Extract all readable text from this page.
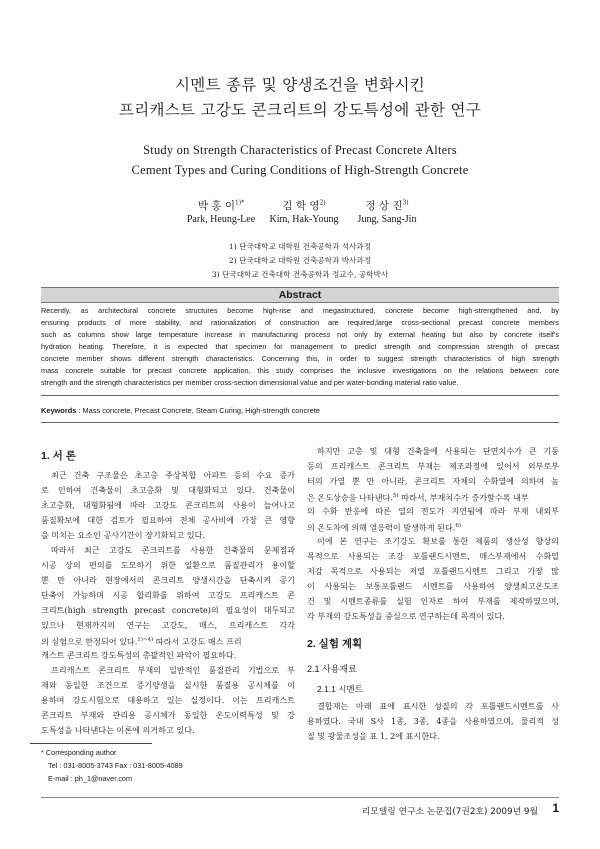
시멘트 종류 및 양생조건을 변화시킨
프리캐스트 고강도 콘크리트의 강도특성에 관한 연구
Study on Strength Characteristics of Precast Concrete Alters
Cement Types and Curing Conditions of High-Strength Concrete
박 홍 이$^{1)*}$	김 학 영$^{2)}$	정 상 진$^{3)}$
Park, Heung-Lee	Kim, Hak-Young	Jung, Sang-Jin
1) 단국대학교 대학원 건축공학과 석사과정
2) 단국대학교 대학원 건축공학과 박사과정
3) 단국대학교 건축대학 건축공학과 정교수, 공학박사
Abstract
Recently, as architectural concrete structures become high-rise and megastructured, concrete become high-strengthened and, by
ensuring products of more stability, and rationalization of construction are required,large cross-sectional precast concrete members
such as columns show large temperature increase in manufacturing process not only by external heating but also by concrete itself's
hydration heating. Therefore, it is expected that specimen for management to predict strength and compression strength of precast
concrete member shows different strength characteristics. Concerning this, in order to suggest strength characteristics of high strength
mass concrete suitable for precast concrete application, this study comprises the inclusive investigations on the relations between core
strength and the strength characteristics per member cross-section dimensional value and per water-bonding material ratio value.
Keywords : Mass concrete, Precast Concrete, Steam Curing, High-strength concrete
1. 서 론
최근 건축 구조물은 초고층 주상복합 아파트 등의 수요 증가
로 인하여 건축물이 초고층화 및 대형화되고 있다. 건축물이
초고층화, 대형화됨에 따라 고강도 콘크리트의 사용이 늘어나고
품질확보에 대한 검토가 필요하여 전체 공사비에 가장 큰 영향
을 미치는 요소인 공사기간이 장기화되고 있다.
따라서 최근 고강도 콘크리트를 사용한 건축물의 문제점과
시공 상의 편의를 도모하기 위한 일환으로 품질관리가 용이할
뿐 만 아니라 현장에서의 콘크리트 양생시간을 단축시켜 공기
단축이 가능하며 시공 합리화를 위하여 고강도 프리캐스트 콘
크리트(high strength precast concrete)의 필요성이 대두되고
있으나 현재까지의 연구는 고강도, 매스, 프리캐스트 각각
의 실험으로 한정되어 있다.$^{1)\sim 4)}$ 따라서 고강도 매스 프리
캐스트 콘크리트 강도특성의 총괄적인 파악이 필요하다.
프리캐스트 콘크리트 부재의 일반적인 품질관리 기법으로 부
재와 동일한 조건으로 증기양생을 실시한 품질용 공시체를 이
용하여 강도시험으로 대용하고 있는 실정이다. 이는 프리캐스트
콘크리트 부재와 관리용 공시체가 동일한 온도이력특성 및 강
도특성을 나타낸다는 이론에 의거하고 있다.
* Corresponding author
Tel : 031-8005-3743 Fax : 031-8005-4089
E-mail : ph_1@naver.com
하지만 고층 및 대형 건축물에 사용되는 단면치수가 큰 기둥
등의 프리캐스트 콘크리트 부재는 제조과정에 있어서 외부로부
터의 가열 뿐 만 아니라, 콘크리트 자체의 수화열에 의하여 높
은 온도상승을 나타낸다.$^{5)}$ 따라서, 부재치수가 증가할수록 내부
의 수화 반응에 따른 열의 전도가 지연됨에 따라 부재 내외부
의 온도차에 의해 열응력이 발생하게 된다.$^{6)}$
이에 본 연구는 조기강도 확보를 통한 제품의 생산성 향상의
목적으로 사용되는 조강 포틀랜드시멘트, 매스부재에서 수화열
저감 목적으로 사용되는 저열 포틀랜드시멘트 그리고 가장 많
이 사용되는 보통포틀랜드 시멘트를 사용하여 양생최고온도조
건 및 시멘트종류를 실험 인자로 하여 부재를 제작하였으며,
각 부재의 강도특성을 중심으로 연구하는데 목적이 있다.
2. 실험 계획
2.1 사용재료
2.1.1 시멘트
결합재는 아래 표에 표시한 성질의 각 포틀랜드시멘트를 사
용하였다. 국내 S사 1종, 3종, 4종을 사용하였으며, 물리적 성
질 및 광물조성을 표 1, 2에 표시한다.
리모델링 연구소 논문집(7권2호) 2009년 9월 1
